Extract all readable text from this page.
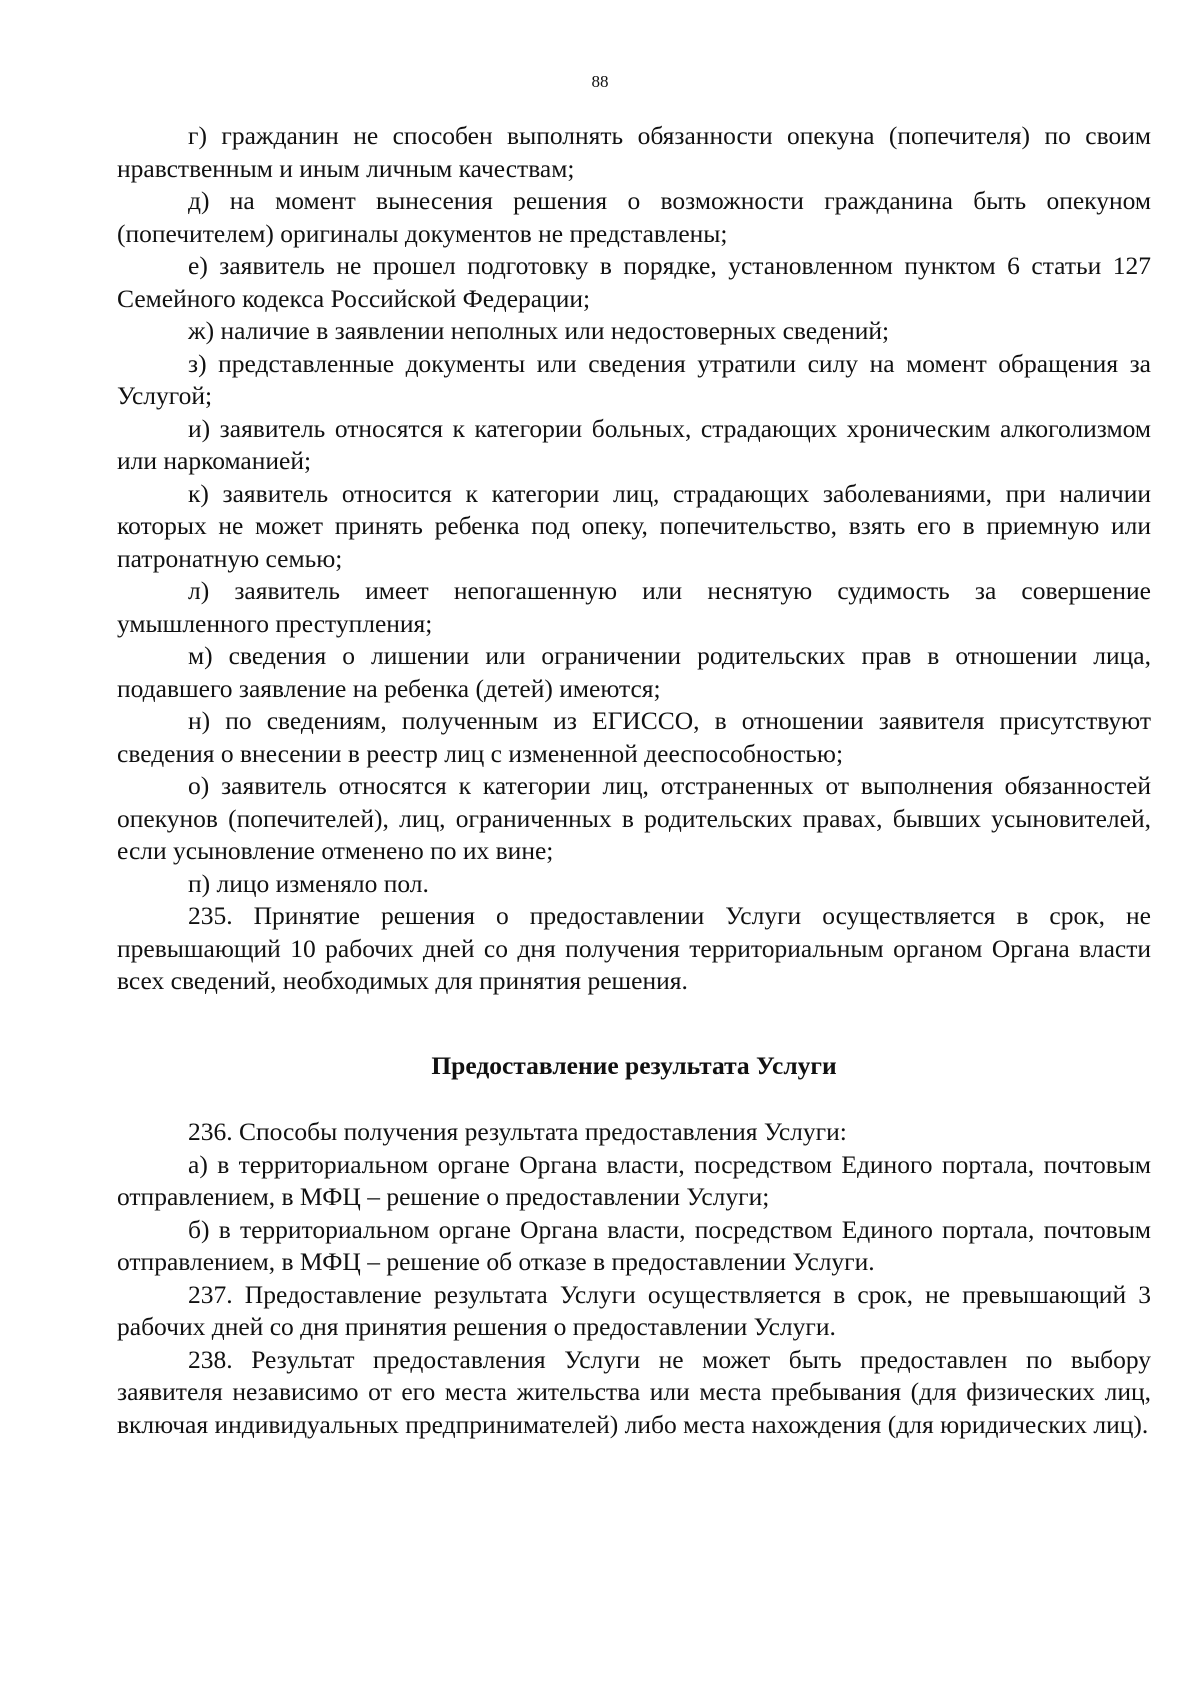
88

г) гражданин не способен выполнять обязанности опекуна (попечителя) по своим нравственным и иным личным качествам;

д) на момент вынесения решения о возможности гражданина быть опекуном (попечителем) оригиналы документов не представлены;

е) заявитель не прошел подготовку в порядке, установленном пунктом 6 статьи 127 Семейного кодекса Российской Федерации;

ж) наличие в заявлении неполных или недостоверных сведений;

з) представленные документы или сведения утратили силу на момент обращения за Услугой;

и) заявитель относятся к категории больных, страдающих хроническим алкоголизмом или наркоманией;

к) заявитель относится к категории лиц, страдающих заболеваниями, при наличии которых не может принять ребенка под опеку, попечительство, взять его в приемную или патронатную семью;

л) заявитель имеет непогашенную или неснятую судимость за совершение умышленного преступления;

м) сведения о лишении или ограничении родительских прав в отношении лица, подавшего заявление на ребенка (детей) имеются;

н) по сведениям, полученным из ЕГИССО, в отношении заявителя присутствуют сведения о внесении в реестр лиц с измененной дееспособностью;

о) заявитель относятся к категории лиц, отстраненных от выполнения обязанностей опекунов (попечителей), лиц, ограниченных в родительских правах, бывших усыновителей, если усыновление отменено по их вине;

п) лицо изменяло пол.

235. Принятие решения о предоставлении Услуги осуществляется в срок, не превышающий 10 рабочих дней со дня получения территориальным органом Органа власти всех сведений, необходимых для принятия решения.

Предоставление результата Услуги

236. Способы получения результата предоставления Услуги:

а) в территориальном органе Органа власти, посредством Единого портала, почтовым отправлением, в МФЦ – решение о предоставлении Услуги;

б) в территориальном органе Органа власти, посредством Единого портала, почтовым отправлением, в МФЦ – решение об отказе в предоставлении Услуги.

237. Предоставление результата Услуги осуществляется в срок, не превышающий 3 рабочих дней со дня принятия решения о предоставлении Услуги.

238. Результат предоставления Услуги не может быть предоставлен по выбору заявителя независимо от его места жительства или места пребывания (для физических лиц, включая индивидуальных предпринимателей) либо места нахождения (для юридических лиц).
